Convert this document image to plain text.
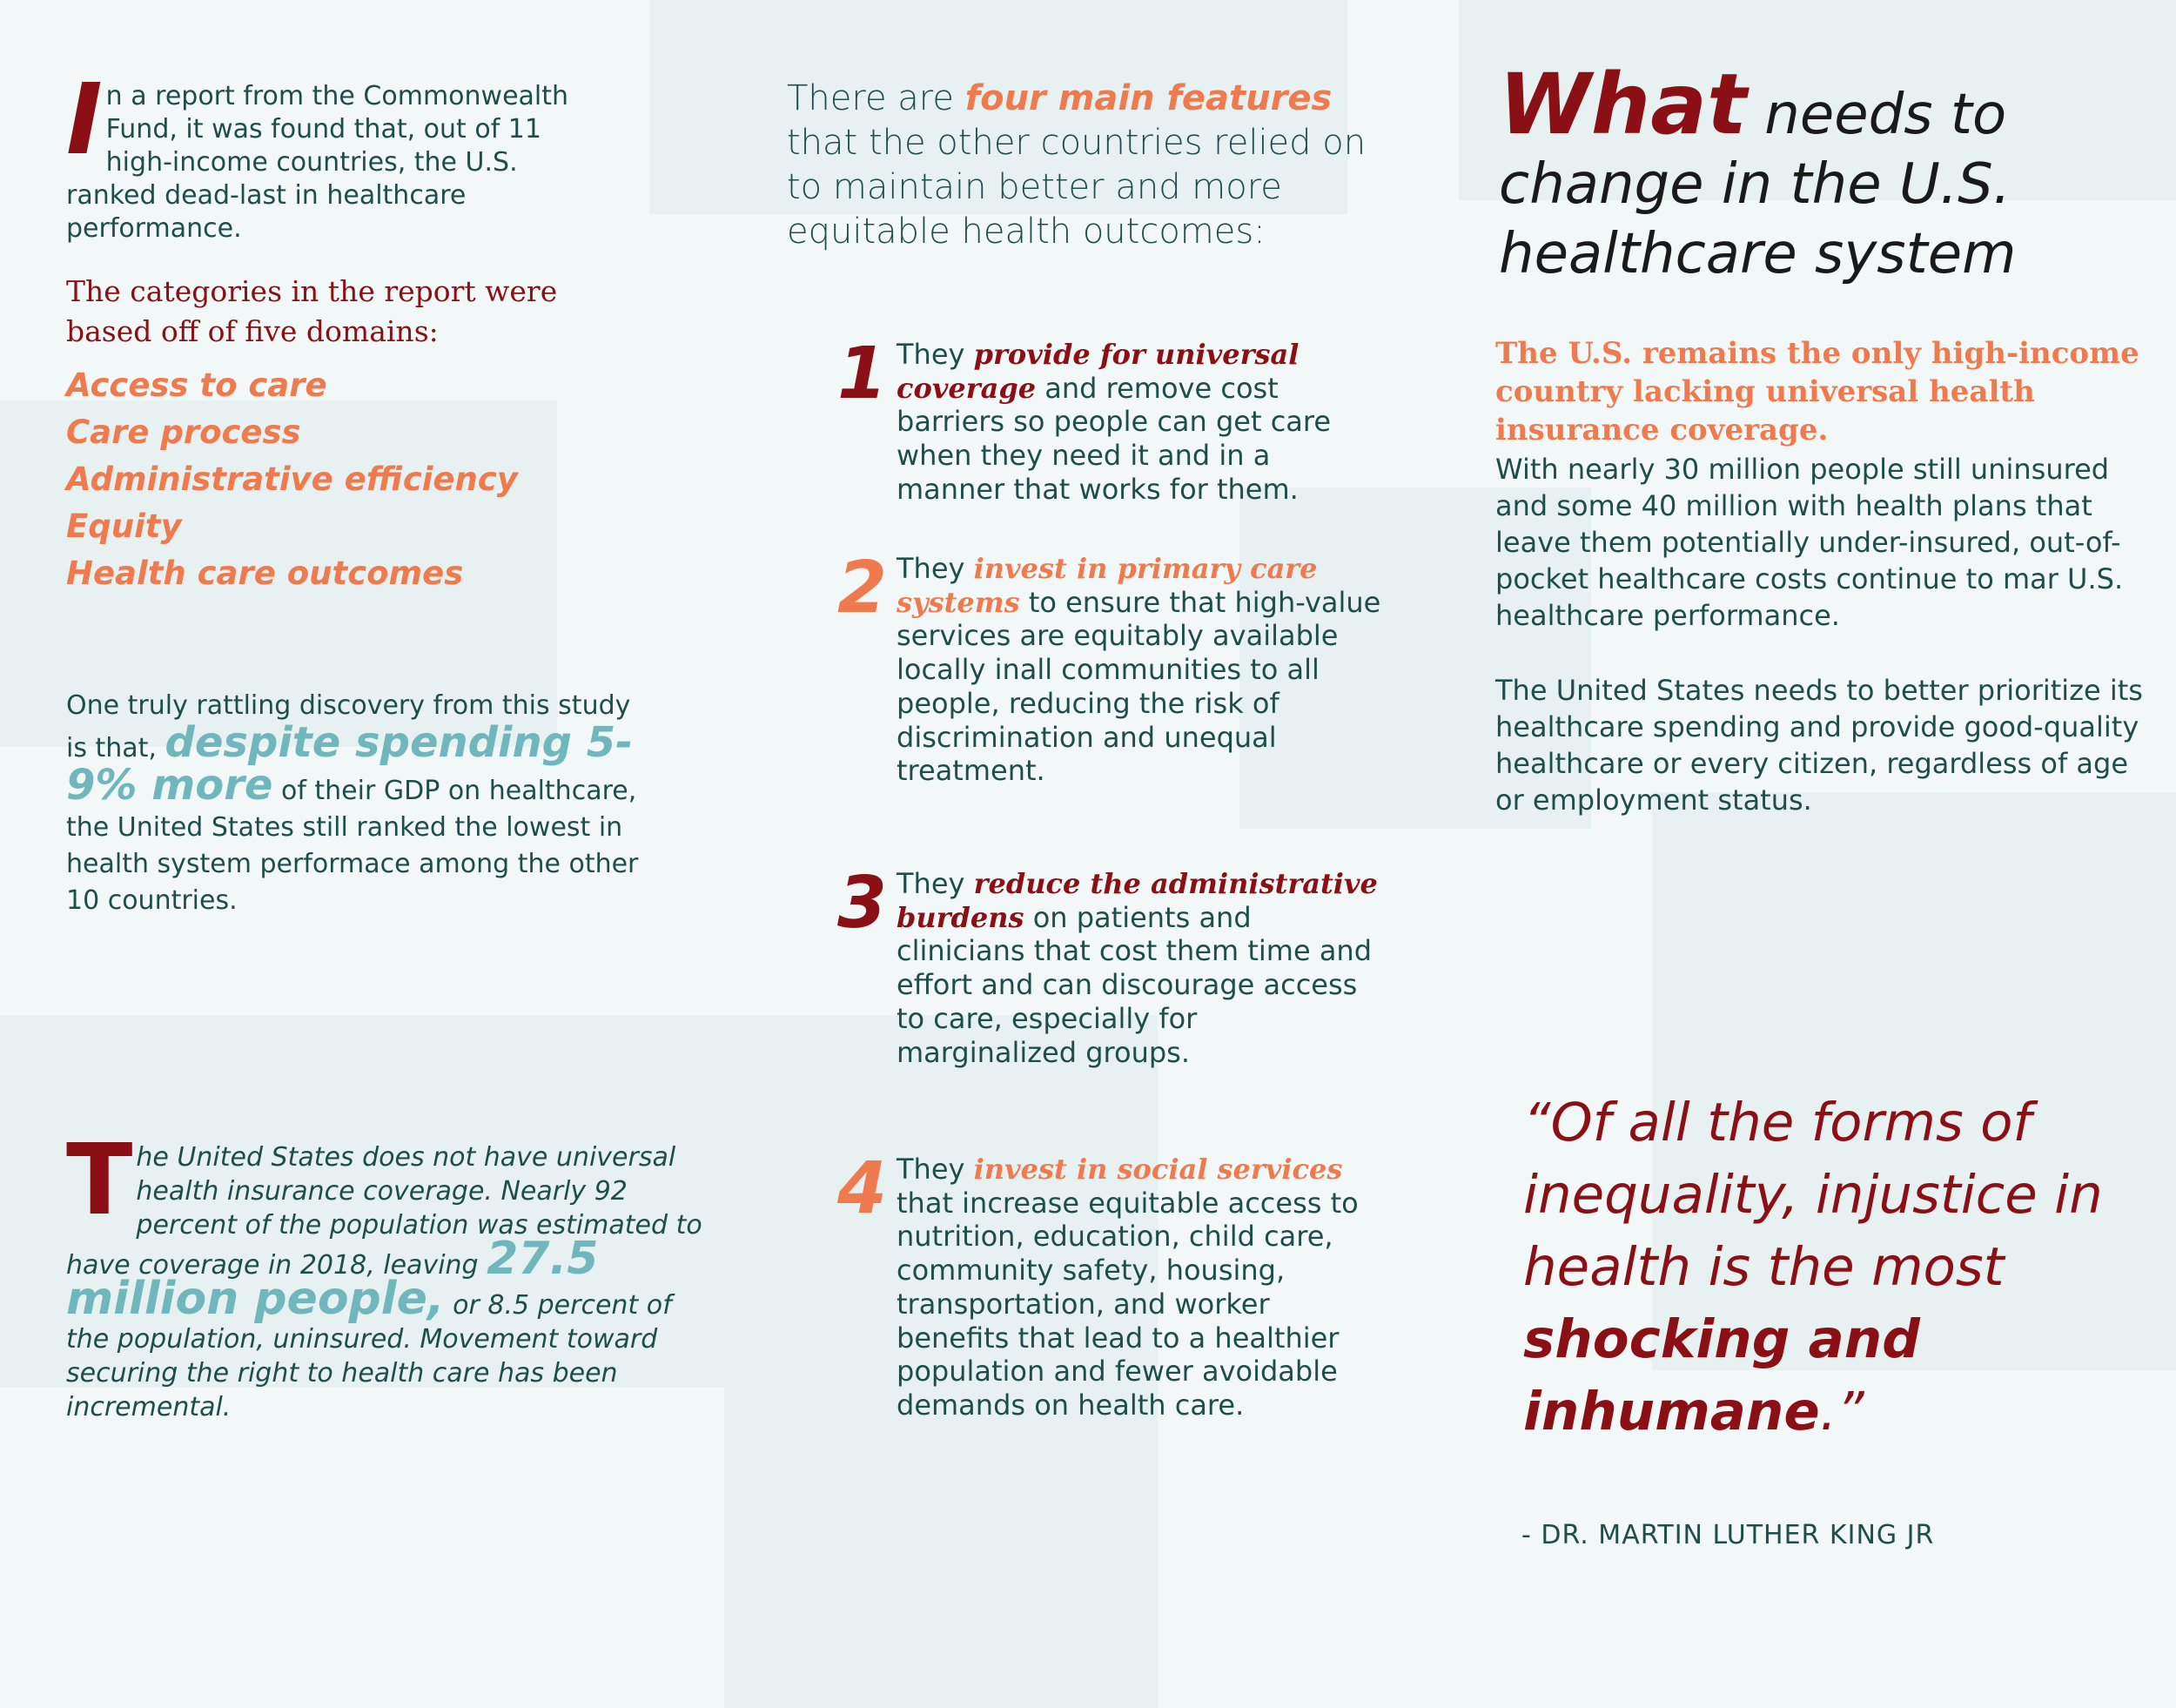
In a report from the Commonwealth Fund, it was found that, out of 11 high-income countries, the U.S. ranked dead-last in healthcare performance.
The categories in the report were based off of five domains:
Access to care
Care process
Administrative efficiency
Equity
Health care outcomes
One truly rattling discovery from this study is that, despite spending 5-9% more of their GDP on healthcare, the United States still ranked the lowest in health system performace among the other 10 countries.
The United States does not have universal health insurance coverage. Nearly 92 percent of the population was estimated to have coverage in 2018, leaving 27.5 million people, or 8.5 percent of the population, uninsured. Movement toward securing the right to health care has been incremental.
There are four main features that the other countries relied on to maintain better and more equitable health outcomes:
1 They provide for universal coverage and remove cost barriers so people can get care when they need it and in a manner that works for them.
2 They invest in primary care systems to ensure that high-value services are equitably available locally inall communities to all people, reducing the risk of discrimination and unequal treatment.
3 They reduce the administrative burdens on patients and clinicians that cost them time and effort and can discourage access to care, especially for marginalized groups.
4 They invest in social services that increase equitable access to nutrition, education, child care, community safety, housing, transportation, and worker benefits that lead to a healthier population and fewer avoidable demands on health care.
What needs to change in the U.S. healthcare system
The U.S. remains the only high-income country lacking universal health insurance coverage.
With nearly 30 million people still uninsured and some 40 million with health plans that leave them potentially under-insured, out-of-pocket healthcare costs continue to mar U.S. healthcare performance.
The United States needs to better prioritize its healthcare spending and provide good-quality healthcare or every citizen, regardless of age or employment status.
“Of all the forms of inequality, injustice in health is the most shocking and inhumane.”
- DR. MARTIN LUTHER KING JR
